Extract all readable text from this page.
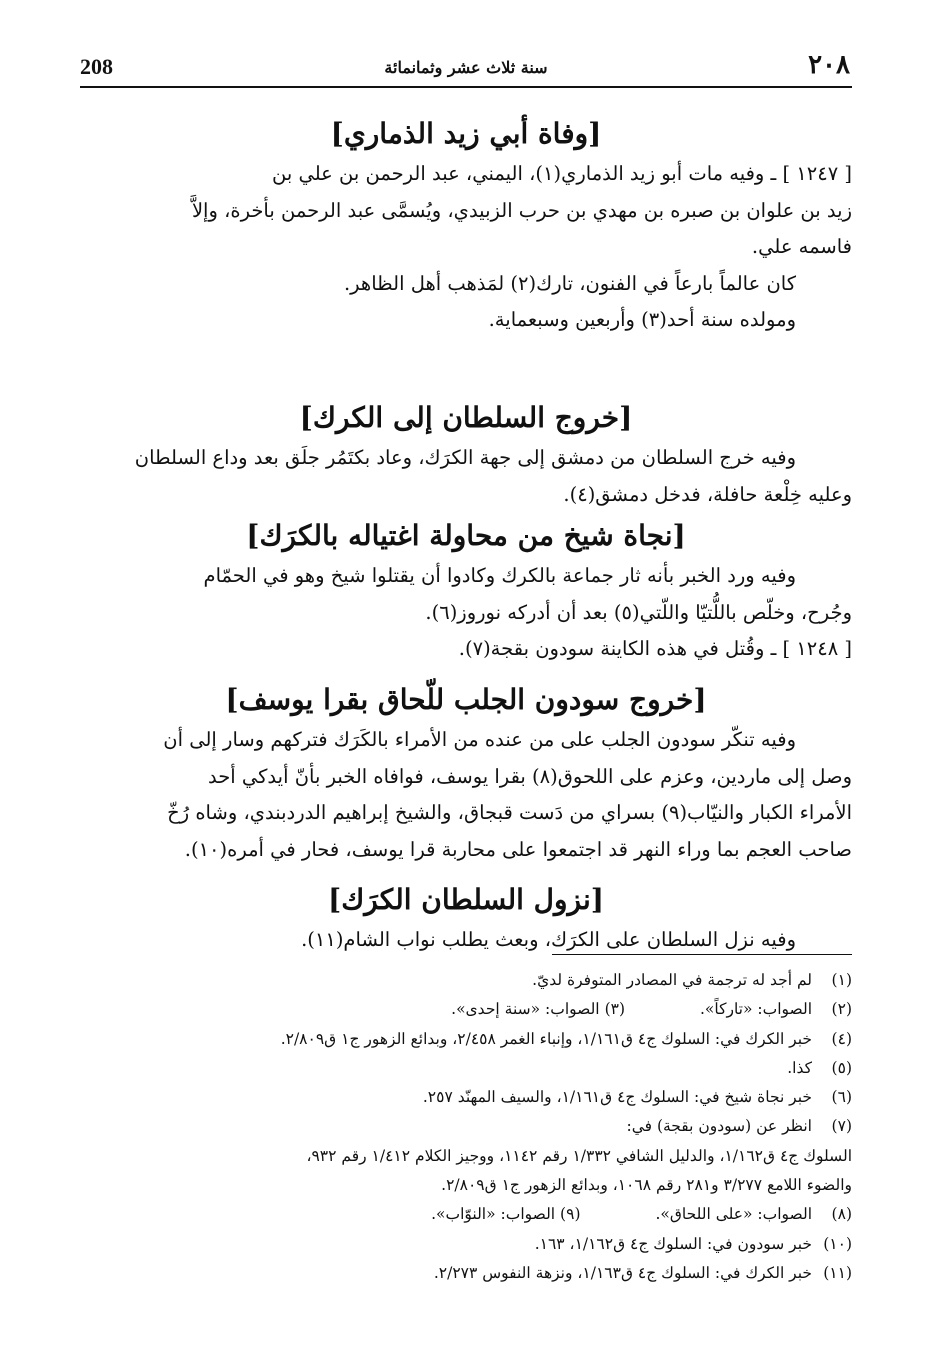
٢٠٨
سنة ثلاث عشر وثمانمائة
208
[وفاة أبي زيد الذماري]

[ ١٢٤٧ ] ـ وفيه مات أبو زيد الذماري(١)، اليمني، عبد الرحمن بن علي بن

زيد بن علوان بن صبره بن مهدي بن حرب الزبيدي، ويُسمَّى عبد الرحمن بأخرة، وإلاَّ

فاسمه علي.

كان عالماً بارعاً في الفنون، تارك(٢) لمَذهب أهل الظاهر.

ومولده سنة أحد(٣) وأربعين وسبعماية.

[خروج السلطان إلى الكرك]

وفيه خرج السلطان من دمشق إلى جهة الكرَك، وعاد بكتَمُر جلَق بعد وداع السلطان

وعليه خِلْعة حافلة، فدخل دمشق(٤).

[نجاة شيخ من محاولة اغتياله بالكرَك]

وفيه ورد الخبر بأنه ثار جماعة بالكرك وكادوا أن يقتلوا شيخ وهو في الحمّام

وجُرح، وخلّص باللُّتيّا واللّتي(٥) بعد أن أدركه نوروز(٦).

[ ١٢٤٨ ] ـ وقُتل في هذه الكاينة سودون بقجة(٧).

[خروج سودون الجلب للّحاق بقرا يوسف]

وفيه تنكّر سودون الجلب على من عنده من الأمراء بالكَرَك فتركهم وسار إلى أن

وصل إلى ماردين، وعزم على اللحوق(٨) بقرا يوسف، فوافاه الخبر بأنّ أيدكي أحد

الأمراء الكبار والنيّاب(٩) بسراي من دَست قبجاق، والشيخ إبراهيم الدردبندي، وشاه رُخّ

صاحب العجم بما وراء النهر قد اجتمعوا على محاربة قرا يوسف، فحار في أمره(١٠).

[نزول السلطان الكرَك]

وفيه نزل السلطان على الكرَك، وبعث يطلب نواب الشام(١١).

(١)لم أجد له ترجمة في المصادر المتوفرة لديّ.

(٢)الصواب: «تاركاً». (٣) الصواب: «سنة إحدى».

(٤)خبر الكرك في: السلوك ج٤ ق١/١٦١، وإنباء الغمر ٢/٤٥٨، وبدائع الزهور ج١ ق٢/٨٠٩.

(٥)كذا.

(٦)خبر نجاة شيخ في: السلوك ج٤ ق١/١٦١، والسيف المهنّد ٢٥٧.

(٧)انظر عن (سودون بقجة) في:

السلوك ج٤ ق١/١٦٢، والدليل الشافي ١/٣٣٢ رقم ١١٤٢، ووجيز الكلام ١/٤١٢ رقم ٩٣٢،

والضوء اللامع ٣/٢٧٧ و٢٨١ رقم ١٠٦٨، وبدائع الزهور ج١ ق٢/٨٠٩.

(٨)الصواب: «على اللحاق». (٩) الصواب: «النوّاب».

(١٠)خبر سودون في: السلوك ج٤ ق١/١٦٢، ١٦٣.

(١١)خبر الكرك في: السلوك ج٤ ق١/١٦٣، ونزهة النفوس ٢/٢٧٣.
